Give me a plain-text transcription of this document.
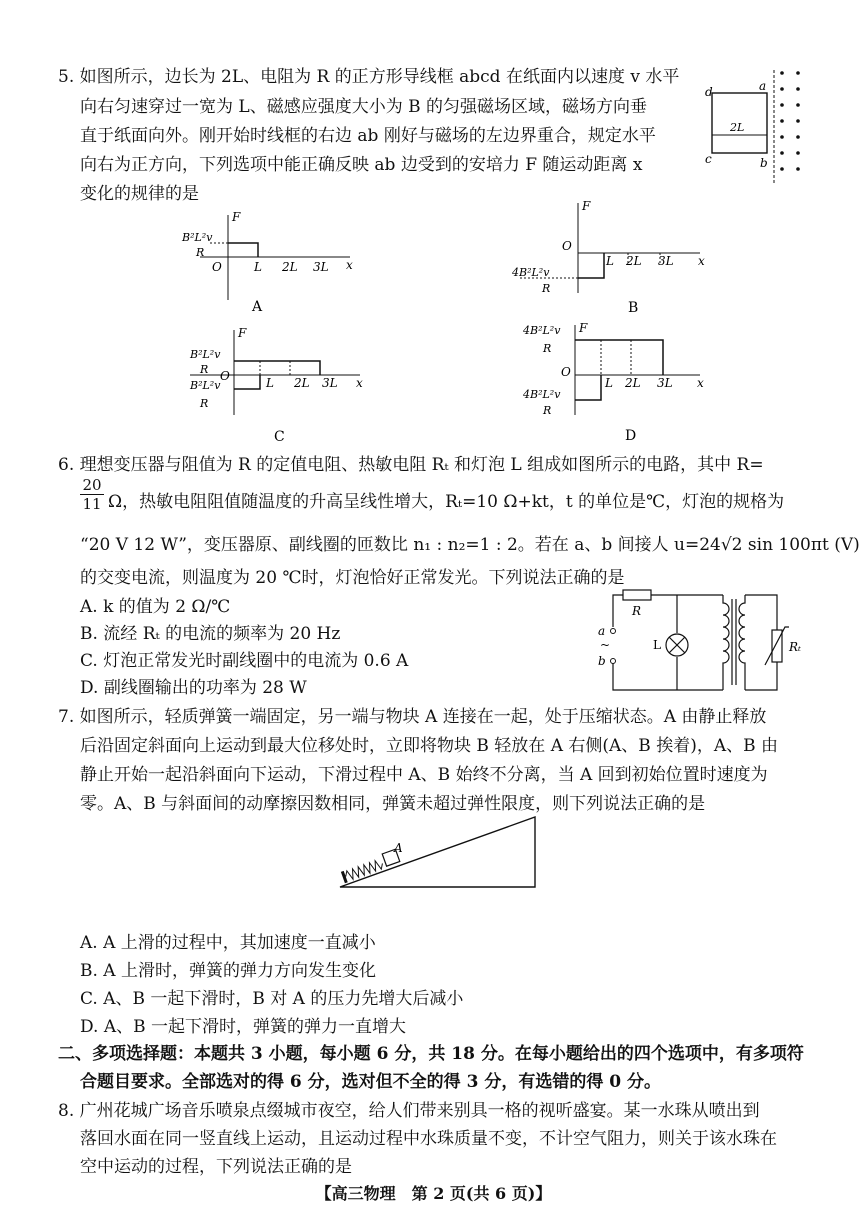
5. 如图所示，边长为 2L、电阻为 R 的正方形导线框 abcd 在纸面内以速度 v 水平
向右匀速穿过一宽为 L、磁感应强度大小为 B 的匀强磁场区域，磁场方向垂
直于纸面向外。刚开始时线框的右边 ab 刚好与磁场的左边界重合，规定水平
向右为正方向，下列选项中能正确反映 ab 边受到的安培力 F 随运动距离 x
变化的规律的是
d	a
c	b
2L
F
O	x
L 2L 3L
B²L²v
R
A
F
O
x
L 2L 3L
4B²L²v
R
B
F
O	x
L 2L 3L
B²L²v
R
B²L²v
R
C
F
O
x
L 2L 3L
4B²L²v
R
4B²L²v
R
D
6. 理想变压器与阻值为 R 的定值电阻、热敏电阻 Rₜ 和灯泡 L 组成如图所示的电路，其中 R=
$\frac{20}{11}$ Ω，热敏电阻阻值随温度的升高呈线性增大，Rₜ=10 Ω+kt，t 的单位是℃，灯泡的规格为
“20 V 12 W”，变压器原、副线圈的匝数比 n₁ : n₂=1 : 2。若在 a、b 间接人 u=24√2 sin 100πt (V)
的交变电流，则温度为 20 ℃时，灯泡恰好正常发光。下列说法正确的是
A. k 的值为 2 Ω/℃
B. 流经 Rₜ 的电流的频率为 20 Hz
C. 灯泡正常发光时副线圈中的电流为 0.6 A
D. 副线圈输出的功率为 28 W
R
L
a
~
b
Rₜ
7. 如图所示，轻质弹簧一端固定，另一端与物块 A 连接在一起，处于压缩状态。A 由静止释放
后沿固定斜面向上运动到最大位移处时，立即将物块 B 轻放在 A 右侧(A、B 挨着)，A、B 由
静止开始一起沿斜面向下运动，下滑过程中 A、B 始终不分离，当 A 回到初始位置时速度为
零。A、B 与斜面间的动摩擦因数相同，弹簧未超过弹性限度，则下列说法正确的是
A
A. A 上滑的过程中，其加速度一直减小
B. A 上滑时，弹簧的弹力方向发生变化
C. A、B 一起下滑时，B 对 A 的压力先增大后减小
D. A、B 一起下滑时，弹簧的弹力一直增大
二、多项选择题：本题共 3 小题，每小题 6 分，共 18 分。在每小题给出的四个选项中，有多项符
合题目要求。全部选对的得 6 分，选对但不全的得 3 分，有选错的得 0 分。
8. 广州花城广场音乐喷泉点缀城市夜空，给人们带来别具一格的视听盛宴。某一水珠从喷出到
落回水面在同一竖直线上运动，且运动过程中水珠质量不变，不计空气阻力，则关于该水珠在
空中运动的过程，下列说法正确的是
【高三物理　第 2 页(共 6 页)】
